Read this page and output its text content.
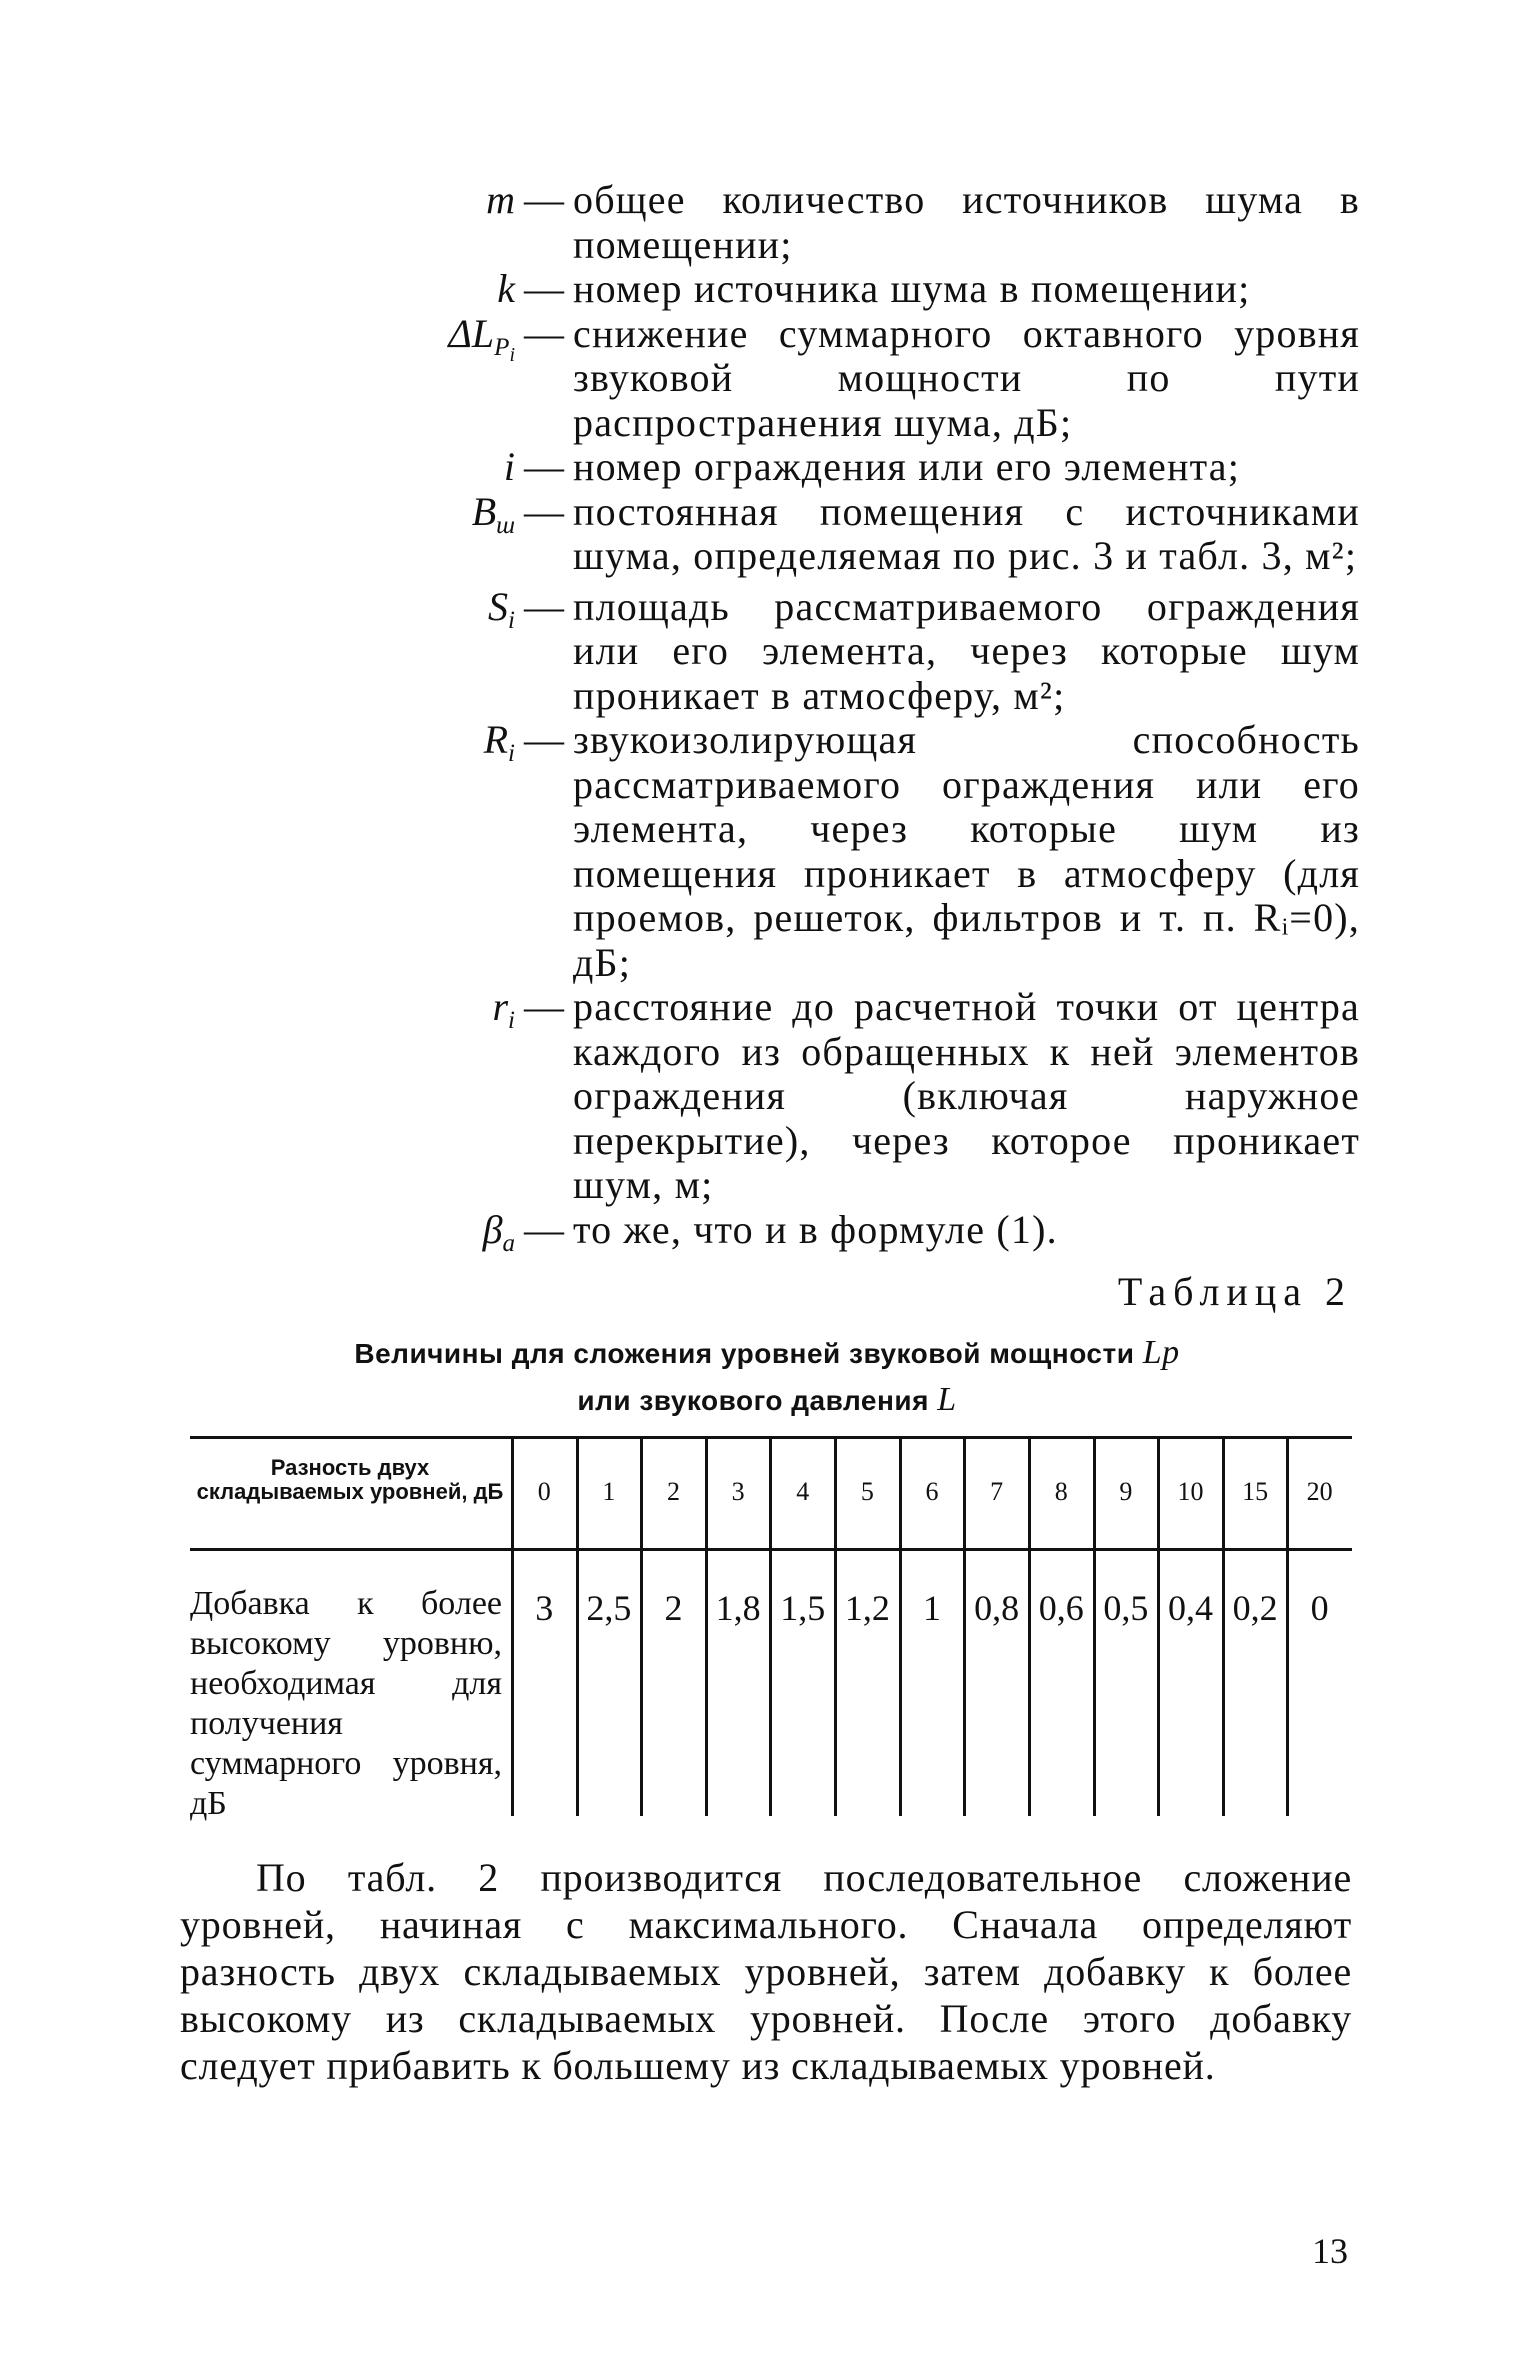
m — общее количество источников шума в помещении;
k — номер источника шума в помещении;
$\Delta L_{Pi}$ — снижение суммарного октавного уровня звуковой мощности по пути распространения шума, дБ;
i — номер ограждения или его элемента;
$B_ш$ — постоянная помещения с источниками шума, определяемая по рис. 3 и табл. 3, м²;
$S_i$ — площадь рассматриваемого ограждения или его элемента, через которые шум проникает в атмосферу, м²;
$R_i$ — звукоизолирующая способность рассматриваемого ограждения или его элемента, через которые шум из помещения проникает в атмосферу (для проемов, решеток, фильтров и т. п. Rᵢ=0), дБ;
$r_i$ — расстояние до расчетной точки от центра каждого из обращенных к ней элементов ограждения (включая наружное перекрытие), через которое проникает шум, м;
$\beta_a$ — то же, что и в формуле (1).
Таблица 2
Величины для сложения уровней звуковой мощности Lp
или звукового давления L
Разность двух складываемых уровней, дБ
Добавка к более высокому уровню, необходимая для получения суммарного уровня, дБ
0
3
1
2,5
2
2
3
1,8
4
1,5
5
1,2
6
1
7
0,8
8
0,6
9
0,5
10
0,4
15
0,2
20
0
По табл. 2 производится последовательное сложение уровней, начиная с максимального. Сначала определяют разность двух складываемых уровней, затем добавку к более высокому из складываемых уровней. После этого добавку следует прибавить к большему из складываемых уровней.
13
